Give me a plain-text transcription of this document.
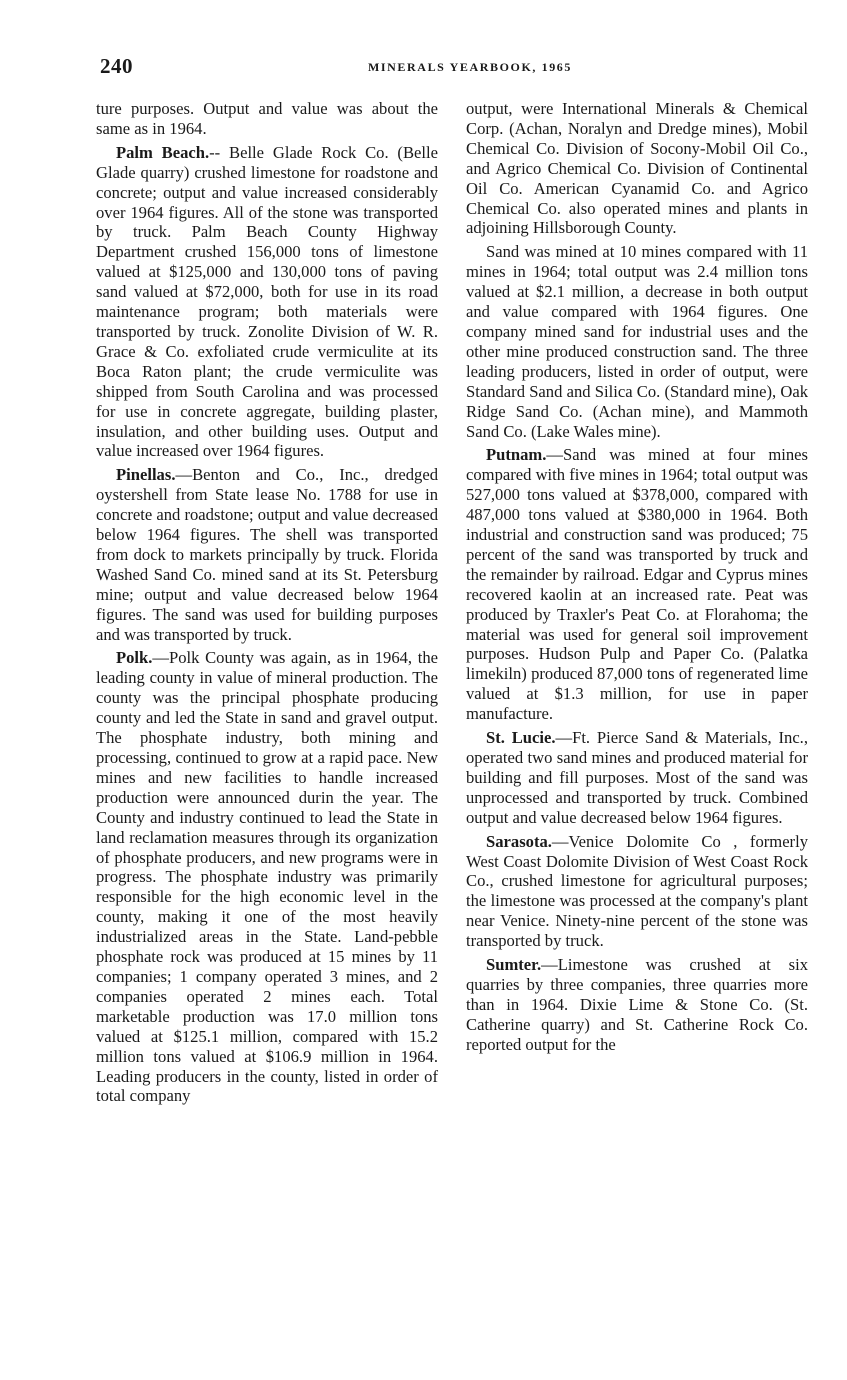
240	MINERALS YEARBOOK, 1965

ture purposes. Output and value was about the same as in 1964.

Palm Beach.-- Belle Glade Rock Co. (Belle Glade quarry) crushed limestone for roadstone and concrete; output and value increased considerably over 1964 figures. All of the stone was transported by truck. Palm Beach County Highway Department crushed 156,000 tons of limestone valued at $125,000 and 130,000 tons of paving sand valued at $72,000, both for use in its road maintenance program; both materials were transported by truck. Zonolite Division of W. R. Grace & Co. exfoliated crude vermiculite at its Boca Raton plant; the crude vermiculite was shipped from South Carolina and was processed for use in concrete aggregate, building plaster, insulation, and other building uses. Output and value increased over 1964 figures.

Pinellas.—Benton and Co., Inc., dredged oystershell from State lease No. 1788 for use in concrete and roadstone; output and value decreased below 1964 figures. The shell was transported from dock to markets principally by truck. Florida Washed Sand Co. mined sand at its St. Petersburg mine; output and value decreased below 1964 figures. The sand was used for building purposes and was transported by truck.

Polk.—Polk County was again, as in 1964, the leading county in value of mineral production. The county was the principal phosphate producing county and led the State in sand and gravel output. The phosphate industry, both mining and processing, continued to grow at a rapid pace. New mines and new facilities to handle increased production were announced durin the year. The County and industry continued to lead the State in land reclamation measures through its organization of phosphate producers, and new programs were in progress. The phosphate industry was primarily responsible for the high economic level in the county, making it one of the most heavily industrialized areas in the State. Land-pebble phosphate rock was produced at 15 mines by 11 companies; 1 company operated 3 mines, and 2 companies operated 2 mines each. Total marketable production was 17.0 million tons valued at $125.1 million, compared with 15.2 million tons valued at $106.9 million in 1964. Leading producers in the county, listed in order of total company

output, were International Minerals & Chemical Corp. (Achan, Noralyn and Dredge mines), Mobil Chemical Co. Division of Socony-Mobil Oil Co., and Agrico Chemical Co. Division of Continental Oil Co. American Cyanamid Co. and Agrico Chemical Co. also operated mines and plants in adjoining Hillsborough County.

Sand was mined at 10 mines compared with 11 mines in 1964; total output was 2.4 million tons valued at $2.1 million, a decrease in both output and value compared with 1964 figures. One company mined sand for industrial uses and the other mine produced construction sand. The three leading producers, listed in order of output, were Standard Sand and Silica Co. (Standard mine), Oak Ridge Sand Co. (Achan mine), and Mammoth Sand Co. (Lake Wales mine).

Putnam.—Sand was mined at four mines compared with five mines in 1964; total output was 527,000 tons valued at $378,000, compared with 487,000 tons valued at $380,000 in 1964. Both industrial and construction sand was produced; 75 percent of the sand was transported by truck and the remainder by railroad. Edgar and Cyprus mines recovered kaolin at an increased rate. Peat was produced by Traxler's Peat Co. at Florahoma; the material was used for general soil improvement purposes. Hudson Pulp and Paper Co. (Palatka limekiln) produced 87,000 tons of regenerated lime valued at $1.3 million, for use in paper manufacture.

St. Lucie.—Ft. Pierce Sand & Materials, Inc., operated two sand mines and produced material for building and fill purposes. Most of the sand was unprocessed and transported by truck. Combined output and value decreased below 1964 figures.

Sarasota.—Venice Dolomite Co , formerly West Coast Dolomite Division of West Coast Rock Co., crushed limestone for agricultural purposes; the limestone was processed at the company's plant near Venice. Ninety-nine percent of the stone was transported by truck.

Sumter.—Limestone was crushed at six quarries by three companies, three quarries more than in 1964. Dixie Lime & Stone Co. (St. Catherine quarry) and St. Catherine Rock Co. reported output for the
